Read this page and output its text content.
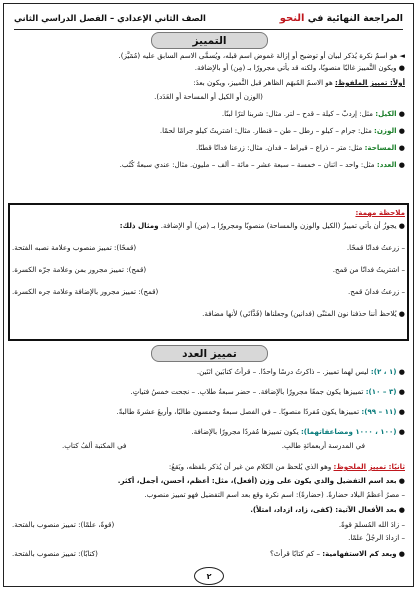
المراجعة النهائية في النحو
الصف الثاني الإعدادي – الفصل الدراسي الثاني
التمييز
◄ هو اسمٌ نكرة يُذكر لبيان أو توضيح أو إزالة غموض اسم قبله، ويُسمَّى الاسم السابق عليه (مُمَيَّز).
● ويكون التَّمييز غالبًا منصوبًا، ولكنه قد يأتي مجرورًا بـ (مِن) أو بالإضافة.
أولاً: تمييز الملفوظ: هو الاسمُ المُبهَم الظاهر قبل التَّمييز، ويكون بعدَ:
(الوزن أو الكيل أو المساحة أو العَدَد).
● الكيل: مثل: إردبّ – كيلة – قدح – لتر. مثال: شربنا لترًا لبنًا.
● الوزن: مثل: جرام – كيلو – رطل – طن – قنطار. مثال: اشتريتُ كيلو جرامًا لحمًا.
● المساحة: مثل: متر – ذراع – قيراط – فدان. مثال: زرعنا فدانًا قطنًا.
● العدد: مثل: واحد – اثنان – خمسة – سبعة عشر – مائة – ألف – مليون. مثال: عندي سبعةُ كُتُب.
ملاحظة مهمة:
● يجوزُ أن يأتي تمييزُ (الكيل والوزن والمساحة) منصوبًا ومجرورًا بـ (من) أو الإضافة. ومثال ذلك:
– زرعتُ فدانًا قمحًا.
(قمحًا): تمييز منصوب وعلامة نصبه الفتحة.
– اشتريتُ فدانًا من قمحٍ.
(قمحٍ): تمييز مجرور بمن وعلامة جرّه الكسرة.
– زرعتُ فدانَ قمحٍ.
(قمحٍ): تمييز مجرور بالإضافة وعلامة جره الكسرة.
● يُلاحظ أننا حذفنا نون المثنّى (فدانين) وجعلناها (فَدَّانَي) لأنها مضافة.
تمييز العدد
● (١ ، ٢): ليس لهما تمييز. – ذاكرتُ درسًا واحدًا. – قرأتُ كتابَين اثنَين.
● (٣ – ١٠): تمييزها يكون جمعًا مجرورًا بالإضافة. – حضر سبعةُ طلابٍ. – نجحت خمسُ فتياتٍ.
● (١١ – ٩٩): تمييزها يكون مُفردًا منصوبًا. – في الفصل سبعةٌ وخمسون طالبًا، وأربعَ عشرةَ طالبةً.
● (١٠٠ ، ١٠٠٠ ومضاعفاتهما): يكون تمييزها مُفردًا مجرورًا بالإضافة.
في المدرسة أربعمائةِ طالبٍ.
في المكتبة ألفُ كتابٍ.
ثانيًا: تمييز الملحوظ: وهو الذي يُلحظ من الكلام من غير أن يُذكر بلفظه، ويَقعُ:
● بعد اسم التفضيل والذي يكون على وزن (أفعل)، مثل: أعظم، أحسن، أجمل، أكثر.
– مصرُ أعظمُ البلاد حضارةً. (حضارةً): اسم نكرة وقع بعد اسم التفضيل فهو تمييز منصوب.
● بعد الأفعال الآتية: (كفى، زاد، ازداد، امتلأ).
– زادَ الله المُسلمَ قوةً.
(قوةً، علمًا): تمييز منصوب بالفتحة.
– ازدادَ الرجُلُ علمًا.
● وبعد كم الاستفهامية: – كم كتابًا قرأتَ؟
(كتابًا): تمييز منصوب بالفتحة.
٢
